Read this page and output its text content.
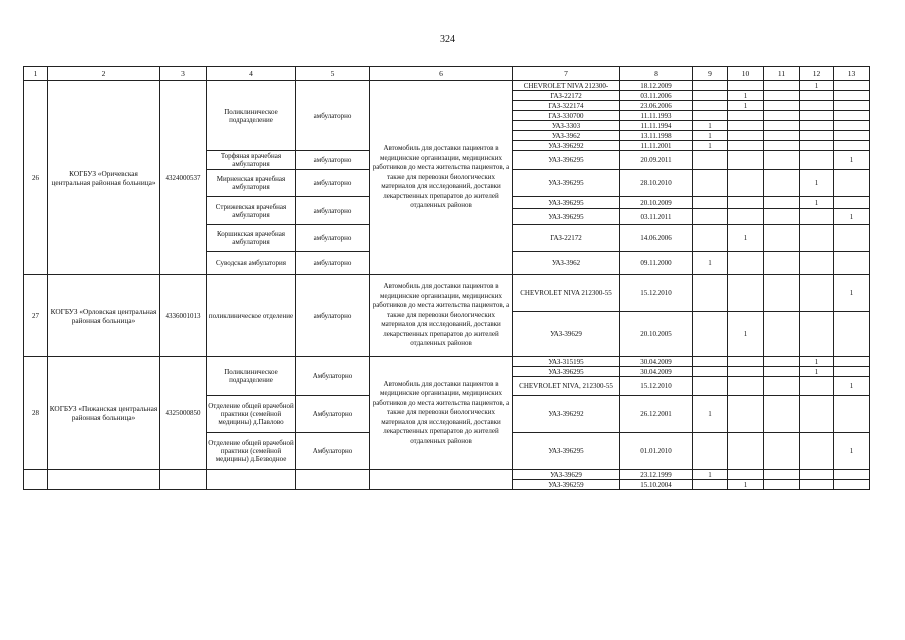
324
1	2	3	4	5	6	7	8	9	10	11	12	13
26	КОГБУЗ «Оричевская центральная районная больница»	4324000537	Поликлиническое подразделение	амбулаторно	Автомобиль для доставки пациентов в медицинские организации, медицинских работников до места жительства пациентов, а также для перевозки биологических материалов для исследований, доставки лекарственных препаратов до жителей отдаленных районов	CHEVROLET NIVA 212300-	18.12.2009				1	
						ГАЗ-22172	03.11.2006		1			
						ГАЗ-322174	23.06.2006		1			
						ГАЗ-330700	11.11.1993					
						УАЗ-3303	11.11.1994	1				
						УАЗ-3962	13.11.1998	1				
						УАЗ-396292	11.11.2001	1				
			Торфяная врачебная амбулатория	амбулаторно		УАЗ-396295	20.09.2011					1
			Мирненская врачебная амбулатория	амбулаторно		УАЗ-396295	28.10.2010				1	
			Стрижевская врачебная амбулатория	амбулаторно		УАЗ-396295	20.10.2009				1	
						УАЗ-396295	03.11.2011					1
			Коршикская врачебная амбулатория	амбулаторно		ГАЗ-22172	14.06.2006		1			
			Суводская амбулатория	амбулаторно		УАЗ-3962	09.11.2000	1				
27	КОГБУЗ «Орловская центральная районная больница»	4336001013	поликлиническое отделение	амбулаторно	Автомобиль для доставки пациентов в медицинские организации, медицинских работников до места жительства пациентов, а также для перевозки биологических материалов для исследований, доставки лекарственных препаратов до жителей отдаленных районов	CHEVROLET NIVA 212300-55	15.12.2010					1
						УАЗ-39629	20.10.2005		1			
28	КОГБУЗ «Пижанская центральная районная больница»	4325000850	Поликлиническое подразделение	Амбулаторно	Автомобиль для доставки пациентов в медицинские организации, медицинских работников до места жительства пациентов, а также для перевозки биологических материалов для исследований, доставки лекарственных препаратов до жителей отдаленных районов	УАЗ-315195	30.04.2009				1	
						УАЗ-396295	30.04.2009				1	
						CHEVROLET NIVA, 212300-55	15.12.2010					1
			Отделение общей врачебной практики (семейной медицины) д.Павлово	Амбулаторно		УАЗ-396292	26.12.2001	1				
			Отделение общей врачебной практики (семейной медицины) д.Безводное	Амбулаторно		УАЗ-396295	01.01.2010					1
						УАЗ-39629	23.12.1999	1				
						УАЗ-396259	15.10.2004		1			
